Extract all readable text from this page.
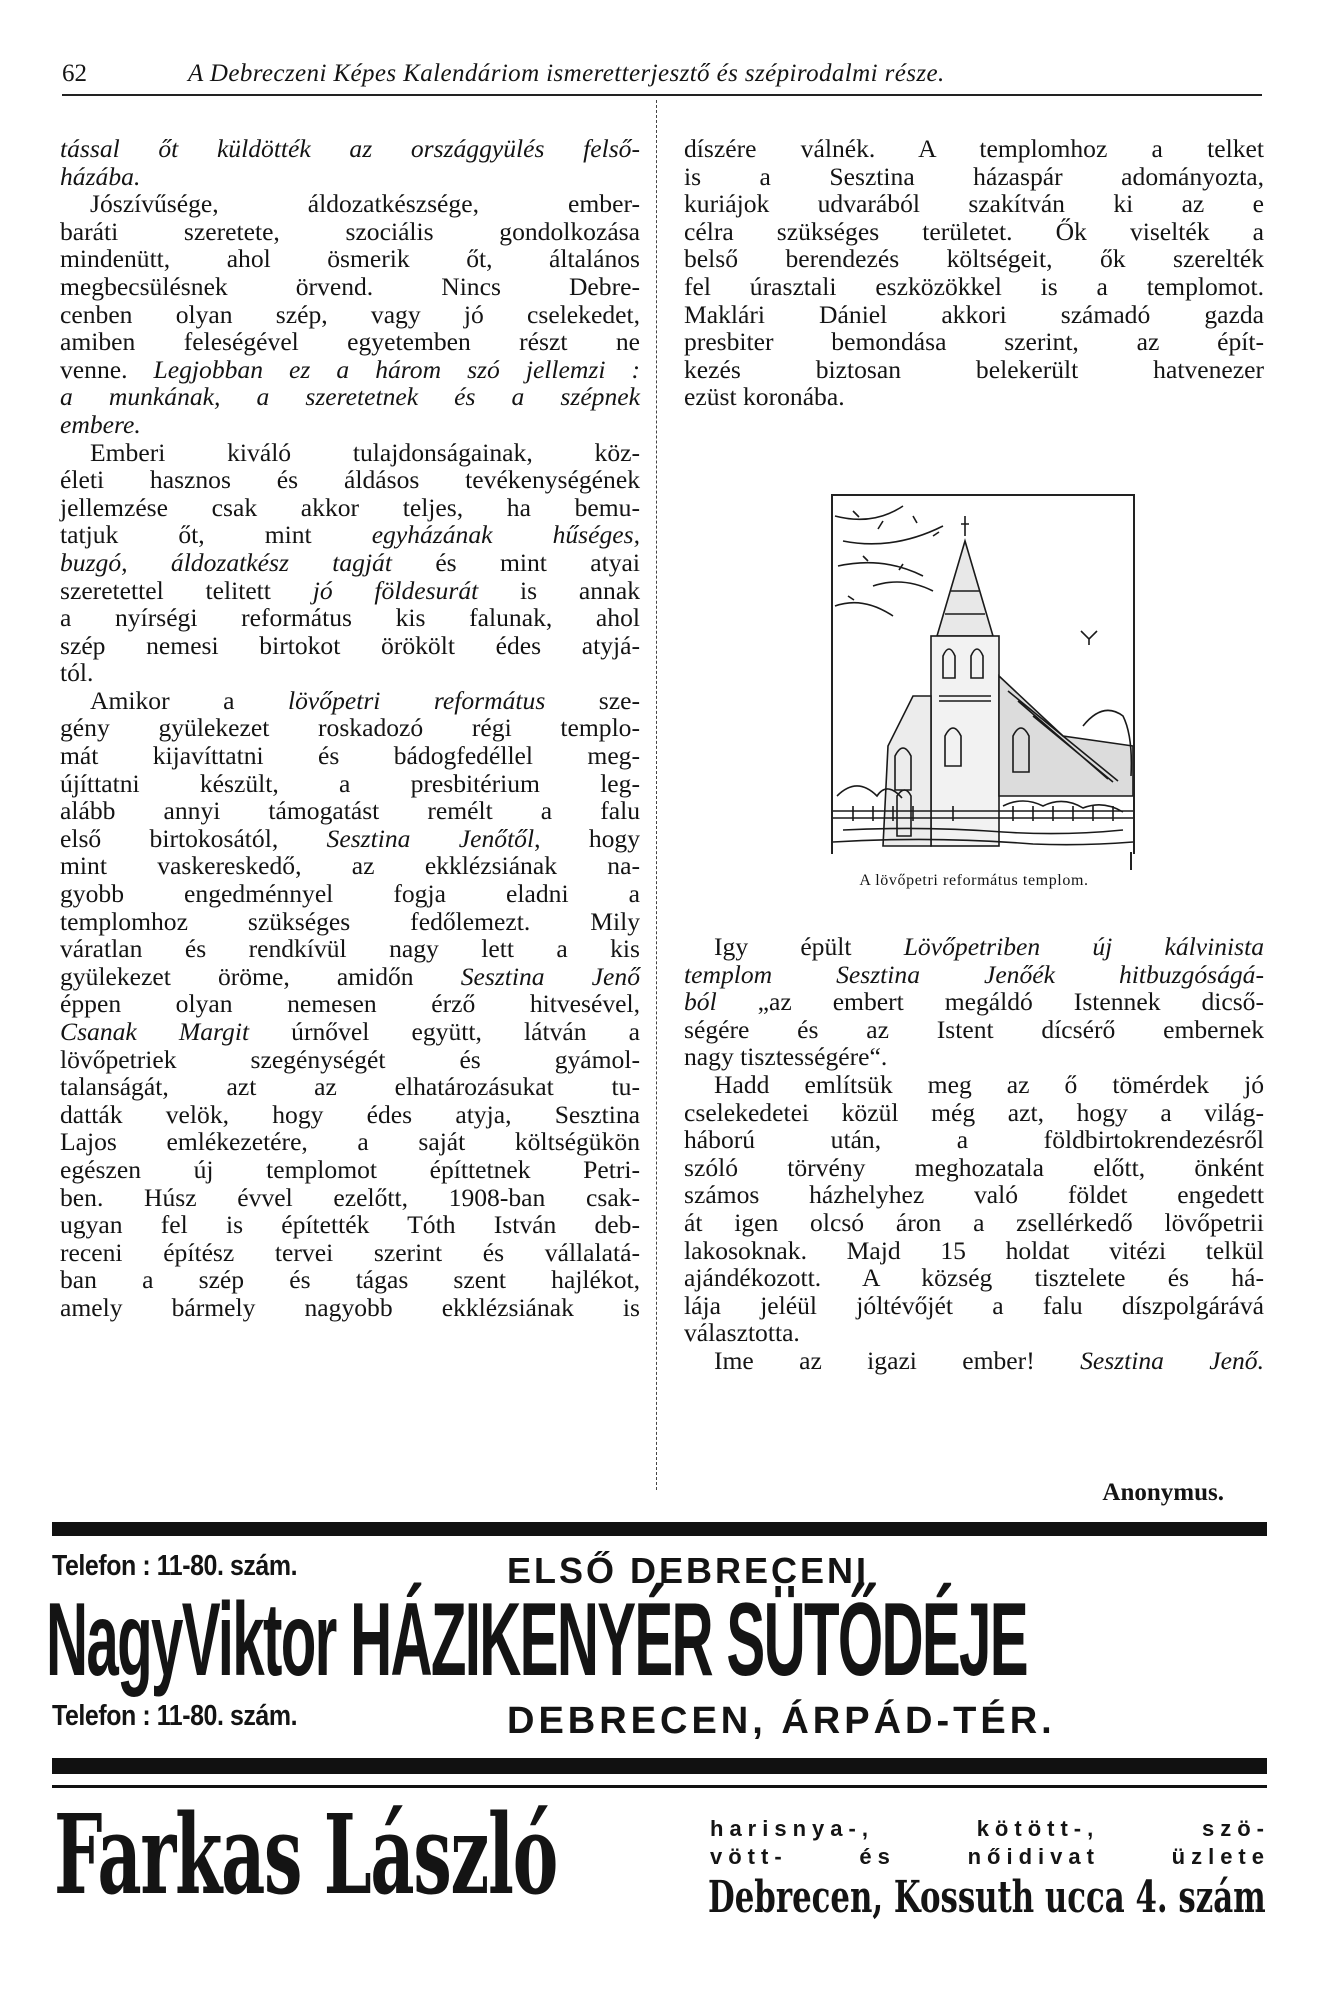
62	A Debreczeni Képes Kalendáriom ismeretterjesztő és szépirodalmi része.

tással őt küldötték az országgyülés felső-
házába.

Jószívűsége, áldozatkészsége, ember-
baráti szeretete, szociális gondolkozása
mindenütt, ahol ösmerik őt, általános
megbecsülésnek örvend. Nincs Debre-
cenben olyan szép, vagy jó cselekedet,
amiben feleségével egyetemben részt ne
venne. Legjobban ez a három szó jellemzi :
a munkának, a szeretetnek és a szépnek
embere.

Emberi kiváló tulajdonságainak, köz-
életi hasznos és áldásos tevékenységének
jellemzése csak akkor teljes, ha bemu-
tatjuk őt, mint egyházának hűséges,
buzgó, áldozatkész tagját és mint atyai
szeretettel telitett jó földesurát is annak
a nyírségi református kis falunak, ahol
szép nemesi birtokot örökölt édes atyjá-
tól.

Amikor a lövőpetri református sze-
gény gyülekezet roskadozó régi templo-
mát kijavíttatni és bádogfedéllel meg-
újíttatni készült, a presbitérium leg-
alább annyi támogatást remélt a falu
első birtokosától, Sesztina Jenőtől, hogy
mint vaskereskedő, az ekklézsiának na-
gyobb engedménnyel fogja eladni a
templomhoz szükséges fedőlemezt. Mily
váratlan és rendkívül nagy lett a kis
gyülekezet öröme, amidőn Sesztina Jenő
éppen olyan nemesen érző hitvesével,
Csanak Margit úrnővel együtt, látván a
lövőpetriek szegénységét és gyámol-
talanságát, azt az elhatározásukat tu-
datták velök, hogy édes atyja, Sesztina
Lajos emlékezetére, a saját költségükön
egészen új templomot építtetnek Petri-
ben. Húsz évvel ezelőtt, 1908-ban csak-
ugyan fel is építették Tóth István deb-
receni építész tervei szerint és vállalatá-
ban a szép és tágas szent hajlékot,
amely bármely nagyobb ekklézsiának is

díszére válnék. A templomhoz a telket
is a Sesztina házaspár adományozta,
kuriájok udvarából szakítván ki az e
célra szükséges területet. Ők viselték a
belső berendezés költségeit, ők szerelték
fel úrasztali eszközökkel is a templomot.
Maklári Dániel akkori számadó gazda
presbiter bemondása szerint, az épít-
kezés biztosan belekerült hatvenezer
ezüst koronába.

A lövőpetri református templom.

Igy épült Lövőpetriben új kálvinista
templom Sesztina Jenőék hitbuzgóságá-
ból „az embert megáldó Istennek dicső-
ségére és az Istent dícsérő embernek
nagy tisztességére“.

Hadd említsük meg az ő tömérdek jó
cselekedetei közül még azt, hogy a világ-
háború után, a földbirtokrendezésről
szóló törvény meghozatala előtt, önként
számos házhelyhez való földet engedett
át igen olcsó áron a zsellérkedő lövőpetrii
lakosoknak. Majd 15 holdat vitézi telkül
ajándékozott. A község tisztelete és há-
lája jeléül jóltévőjét a falu díszpolgárává
választotta.

Ime az igazi ember! Sesztina Jenő.

Anonymus.
Telefon : 11-80. szám.	ELSŐ DEBRECENI
NagyViktor HÁZIKENYÉR SÜTŐDÉJE
Telefon : 11-80. szám.	DEBRECEN, ÁRPÁD-TÉR.
Farkas László	harisnya-, kötött-, szö-
vött- és nőidivat üzlete
Debrecen, Kossuth ucca 4. szám
